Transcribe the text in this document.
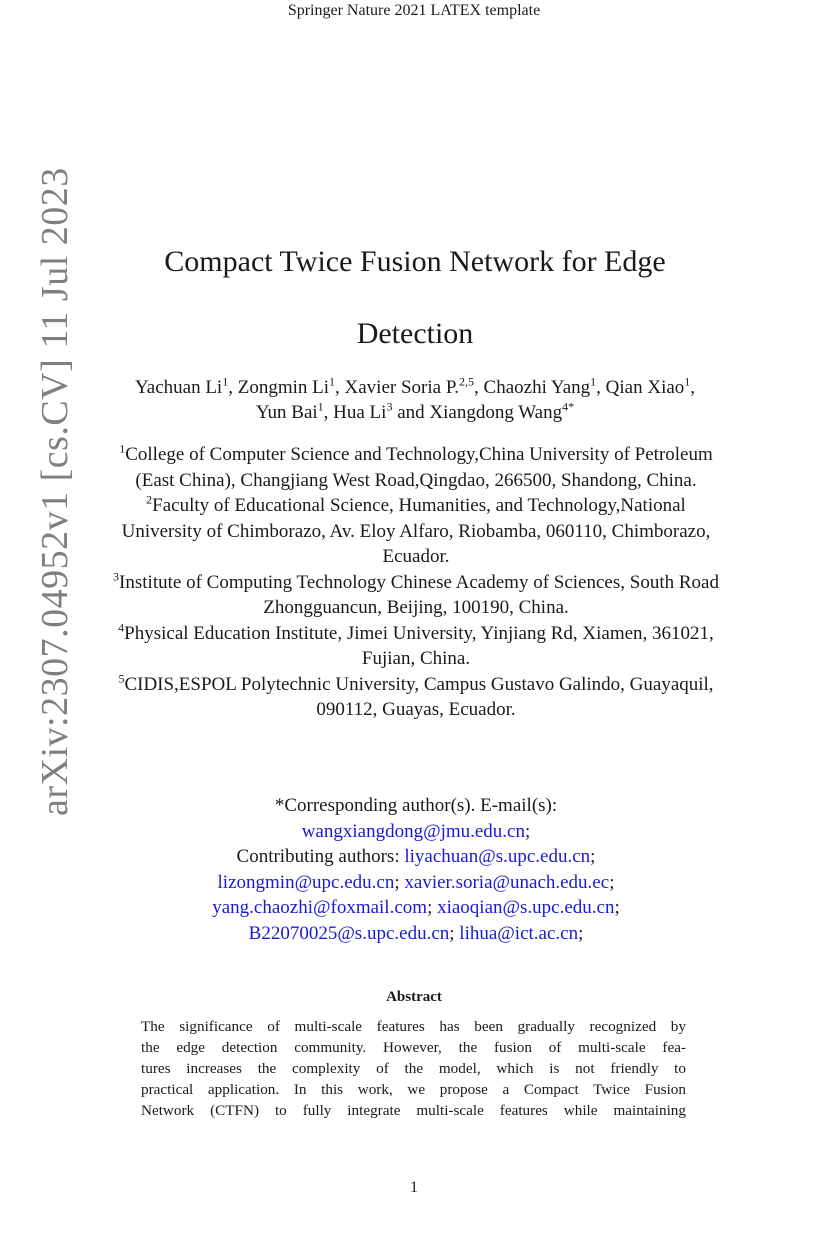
Springer Nature 2021 LATEX template
arXiv:2307.04952v1 [cs.CV] 11 Jul 2023	Compact Twice Fusion Network for Edge
Detection
Yachuan Li$^1$, Zongmin Li$^1$, Xavier Soria P.$^{2,5}$, Chaozhi Yang$^1$, Qian Xiao$^1$, Yun Bai$^1$, Hua Li$^3$ and Xiangdong Wang$^{4*}$
$^1$College of Computer Science and Technology,China University of Petroleum (East China), Changjiang West Road,Qingdao, 266500, Shandong, China.
$^2$Faculty of Educational Science, Humanities, and Technology,National University of Chimborazo, Av. Eloy Alfaro, Riobamba, 060110, Chimborazo, Ecuador.
$^3$Institute of Computing Technology Chinese Academy of Sciences, South Road Zhongguancun, Beijing, 100190, China.
$^4$Physical Education Institute, Jimei University, Yinjiang Rd, Xiamen, 361021, Fujian, China.
$^5$CIDIS,ESPOL Polytechnic University, Campus Gustavo Galindo, Guayaquil, 090112, Guayas, Ecuador.
*Corresponding author(s). E-mail(s):
wangxiangdong@jmu.edu.cn;
Contributing authors: liyachuan@s.upc.edu.cn;
lizongmin@upc.edu.cn; xavier.soria@unach.edu.ec;
yang.chaozhi@foxmail.com; xiaoqian@s.upc.edu.cn;
B22070025@s.upc.edu.cn; lihua@ict.ac.cn;
Abstract
The significance of multi-scale features has been gradually recognized by
the edge detection community. However, the fusion of multi-scale fea-
tures increases the complexity of the model, which is not friendly to
practical application. In this work, we propose a Compact Twice Fusion
Network (CTFN) to fully integrate multi-scale features while maintaining
1
